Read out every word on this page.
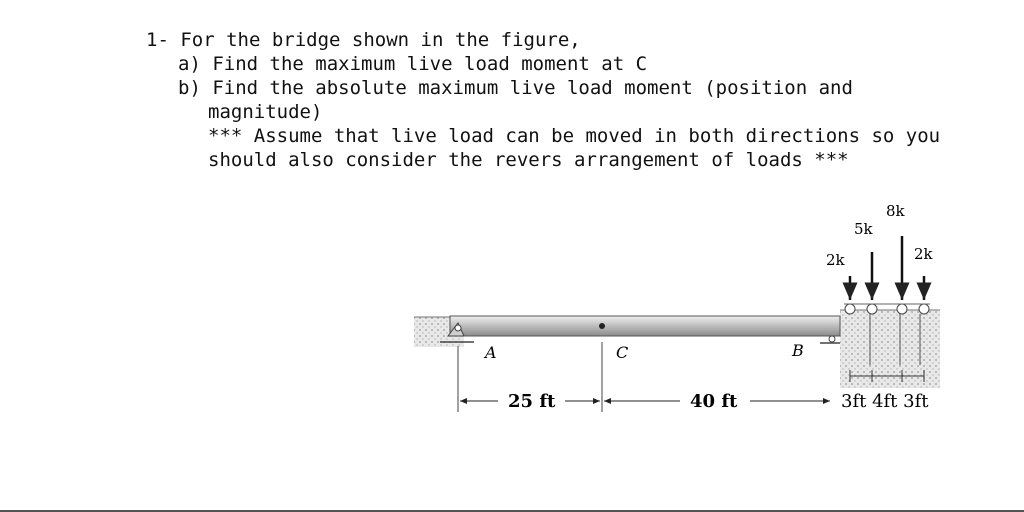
1- For the bridge shown in the figure,
a) Find the maximum live load moment at C
b) Find the absolute maximum live load moment (position and
magnitude)
*** Assume that live load can be moved in both directions so you
should also consider the revers arrangement of loads ***
A	C	B
25 ft	40 ft
2k
5k
8k
2k
3ft 4ft 3ft
